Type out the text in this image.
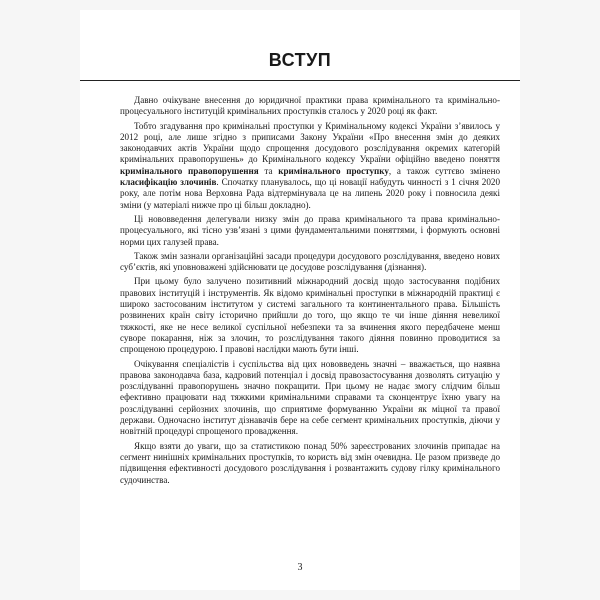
ВСТУП

Давно очікуване внесення до юридичної практики права кримінального та кримінально-процесуального інституцій кримінальних проступків сталось у 2020 році як факт.

Тобто згадування про кримінальні проступки у Кримінальному кодексі України з’явилось у 2012 році, але лише згідно з приписами Закону України «Про внесення змін до деяких законодавчих актів України щодо спрощення досудового розслідування окремих категорій кримінальних правопорушень» до Кримінального кодексу України офіційно введено поняття кримінального правопорушення та кримінального проступку, а також суттєво змінено класифікацію злочинів. Спочатку планувалось, що ці новації набудуть чинності з 1 січня 2020 року, але потім нова Верховна Рада відтермінувала це на липень 2020 року і повносила деякі зміни (у матеріалі нижче про ці більш докладно).

Ці нововведення делегували низку змін до права кримінального та права кримінально-процесуального, які тісно узв’язані з цими фундаментальними поняттями, і формують основні норми цих галузей права.

Також змін зазнали організаційні засади процедури досудового розслідування, введено нових суб’єктів, які уповноважені здійснювати це досудове розслідування (дізнання).

При цьому було залучено позитивний міжнародний досвід щодо застосування подібних правових інституцій і інструментів. Як відомо кримінальні проступки в міжнародній практиці є широко застосованим інститутом у системі загального та континентального права. Більшість розвинених країн світу історично прийшли до того, що якщо те чи інше діяння невеликої тяжкості, яке не несе великої суспільної небезпеки та за вчинення якого передбачене менш суворе покарання, ніж за злочин, то розслідування такого діяння повинно проводитися за спрощеною процедурою. І правові наслідки мають бути інші.

Очікування спеціалістів і суспільства від цих нововведень значні – вважається, що наявна правова законодавча база, кадровий потенціал і досвід правозастосування дозволять ситуацію у розслідуванні правопорушень значно покращити. При цьому не надає змогу слідчим більш ефективно працювати над тяжкими кримінальними справами та сконцентрує їхню увагу на розслідуванні серйозних злочинів, що сприятиме формуванню України як міцної та правої держави. Одночасно інститут дізнавачів бере на себе сегмент кримінальних проступків, діючи у новітній процедурі спрощеного провадження.

Якщо взяти до уваги, що за статистикою понад 50% зареєстрованих злочинів припадає на сегмент нинішніх кримінальних проступків, то користь від змін очевидна. Це разом призведе до підвищення ефективності досудового розслідування і розвантажить судову гілку кримінального судочинства.

3
